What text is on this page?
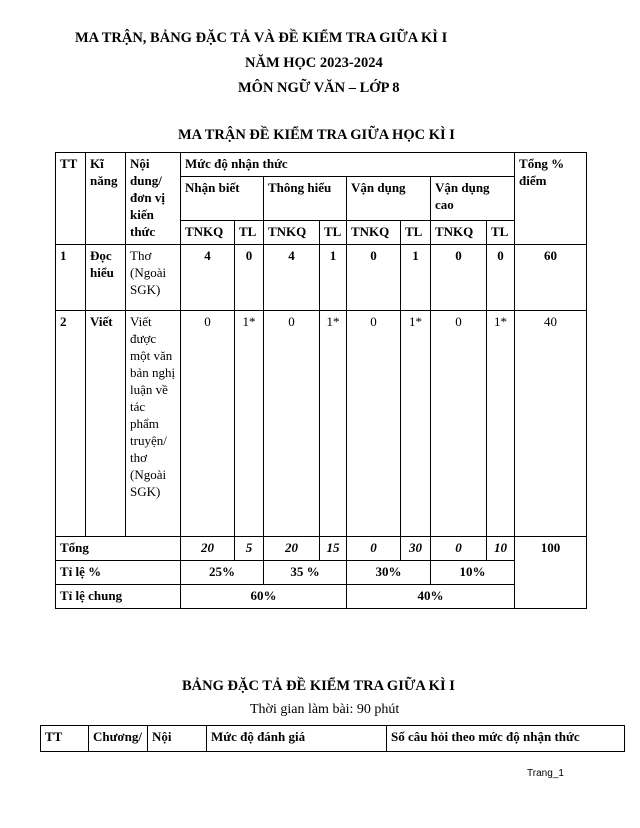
MA TRẬN, BẢNG ĐẶC TẢ VÀ ĐỀ KIỂM TRA GIỮA KÌ I
NĂM HỌC 2023-2024
MÔN NGỮ VĂN – LỚP 8
MA TRẬN ĐỀ KIỂM TRA GIỮA HỌC KÌ I
TT	Kĩ năng	Nội dung/ đơn vị kiến thức	Mức độ nhận thức								Tổng % điểm
			Nhận biết		Thông hiểu		Vận dụng		Vận dụng cao		
			TNKQ	TL	TNKQ	TL	TNKQ	TL	TNKQ	TL	
1	Đọc hiểu	Thơ (Ngoài SGK)	4	0	4	1	0	1	0	0	60
2	Viết	Viết được một văn bản nghị luận về tác phẩm truyện/ thơ (Ngoài SGK)	0	1*	0	1*	0	1*	0	1*	40
Tổng			20	5	20	15	0	30	0	10	100
Tỉ lệ %			25%		35 %		30%		10%		
Tỉ lệ chung			60%				40%				
BẢNG ĐẶC TẢ ĐỀ KIỂM TRA GIỮA KÌ I
Thời gian làm bài: 90 phút
TT	Chương/	Nội	Mức độ đánh giá	Số câu hỏi theo mức độ nhận thức
Trang_1
